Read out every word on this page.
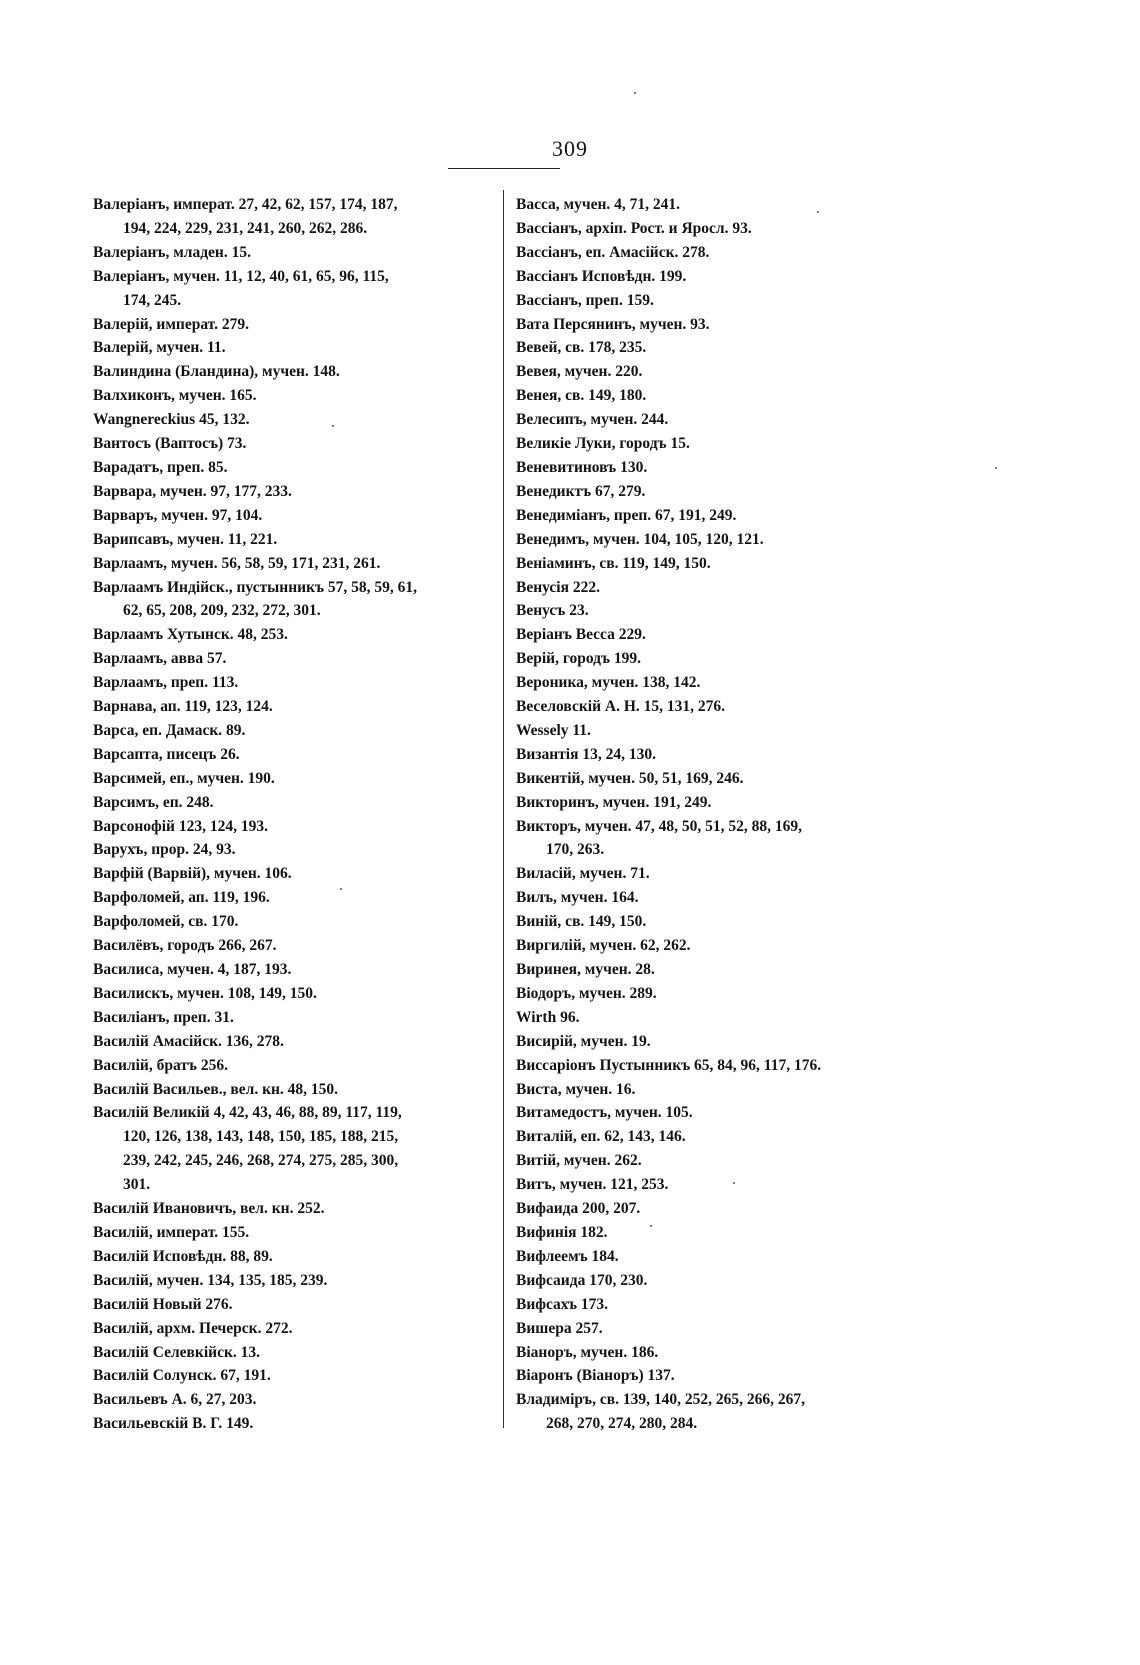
309
Валеріанъ, императ. 27, 42, 62, 157, 174, 187,
194, 224, 229, 231, 241, 260, 262, 286.
Валеріанъ, младен. 15.
Валеріанъ, мучен. 11, 12, 40, 61, 65, 96, 115,
174, 245.
Валерій, императ. 279.
Валерій, мучен. 11.
Валиндина (Бландина), мучен. 148.
Валхиконъ, мучен. 165.
Wangnereckius 45, 132.
Вантосъ (Ваптосъ) 73.
Варадатъ, преп. 85.
Варвара, мучен. 97, 177, 233.
Варваръ, мучен. 97, 104.
Варипсавъ, мучен. 11, 221.
Варлаамъ, мучен. 56, 58, 59, 171, 231, 261.
Варлаамъ Индійск., пустынникъ 57, 58, 59, 61,
62, 65, 208, 209, 232, 272, 301.
Варлаамъ Хутынск. 48, 253.
Варлаамъ, авва 57.
Варлаамъ, преп. 113.
Варнава, ап. 119, 123, 124.
Варса, еп. Дамаск. 89.
Варсапта, писецъ 26.
Варсимей, еп., мучен. 190.
Варсимъ, еп. 248.
Варсонофій 123, 124, 193.
Варухъ, прор. 24, 93.
Варфій (Варвій), мучен. 106.
Варфоломей, ап. 119, 196.
Варфоломей, св. 170.
Василёвъ, городъ 266, 267.
Василиса, мучен. 4, 187, 193.
Василискъ, мучен. 108, 149, 150.
Василіанъ, преп. 31.
Василій Амасійск. 136, 278.
Василій, братъ 256.
Василій Васильев., вел. кн. 48, 150.
Василій Великій 4, 42, 43, 46, 88, 89, 117, 119,
120, 126, 138, 143, 148, 150, 185, 188, 215,
239, 242, 245, 246, 268, 274, 275, 285, 300,
301.
Василій Ивановичъ, вел. кн. 252.
Василій, императ. 155.
Василій Исповѣдн. 88, 89.
Василій, мучен. 134, 135, 185, 239.
Василій Новый 276.
Василій, архм. Печерск. 272.
Василій Селевкійск. 13.
Василій Солунск. 67, 191.
Васильевъ А. 6, 27, 203.
Васильевскій В. Г. 149.
Васса, мучен. 4, 71, 241.
Вассіанъ, архіп. Рост. и Яросл. 93.
Вассіанъ, еп. Амасійск. 278.
Вассіанъ Исповѣдн. 199.
Вассіанъ, преп. 159.
Вата Персянинъ, мучен. 93.
Вевей, св. 178, 235.
Вевея, мучен. 220.
Венея, св. 149, 180.
Велесипъ, мучен. 244.
Великіе Луки, городъ 15.
Веневитиновъ 130.
Венедиктъ 67, 279.
Венедиміанъ, преп. 67, 191, 249.
Венедимъ, мучен. 104, 105, 120, 121.
Веніаминъ, св. 119, 149, 150.
Венусія 222.
Венусъ 23.
Веріанъ Весса 229.
Верій, городъ 199.
Вероника, мучен. 138, 142.
Веселовскій А. Н. 15, 131, 276.
Wessely 11.
Византія 13, 24, 130.
Викентій, мучен. 50, 51, 169, 246.
Викторинъ, мучен. 191, 249.
Викторъ, мучен. 47, 48, 50, 51, 52, 88, 169,
170, 263.
Виласій, мучен. 71.
Вилъ, мучен. 164.
Виній, св. 149, 150.
Виргилій, мучен. 62, 262.
Виринея, мучен. 28.
Віодоръ, мучен. 289.
Wirth 96.
Висирій, мучен. 19.
Виссаріонъ Пустынникъ 65, 84, 96, 117, 176.
Виста, мучен. 16.
Витамедостъ, мучен. 105.
Виталій, еп. 62, 143, 146.
Витій, мучен. 262.
Витъ, мучен. 121, 253.
Вифаида 200, 207.
Вифинія 182.
Вифлеемъ 184.
Вифсаида 170, 230.
Вифсахъ 173.
Вишера 257.
Віаноръ, мучен. 186.
Віаронъ (Віаноръ) 137.
Владиміръ, св. 139, 140, 252, 265, 266, 267,
268, 270, 274, 280, 284.
